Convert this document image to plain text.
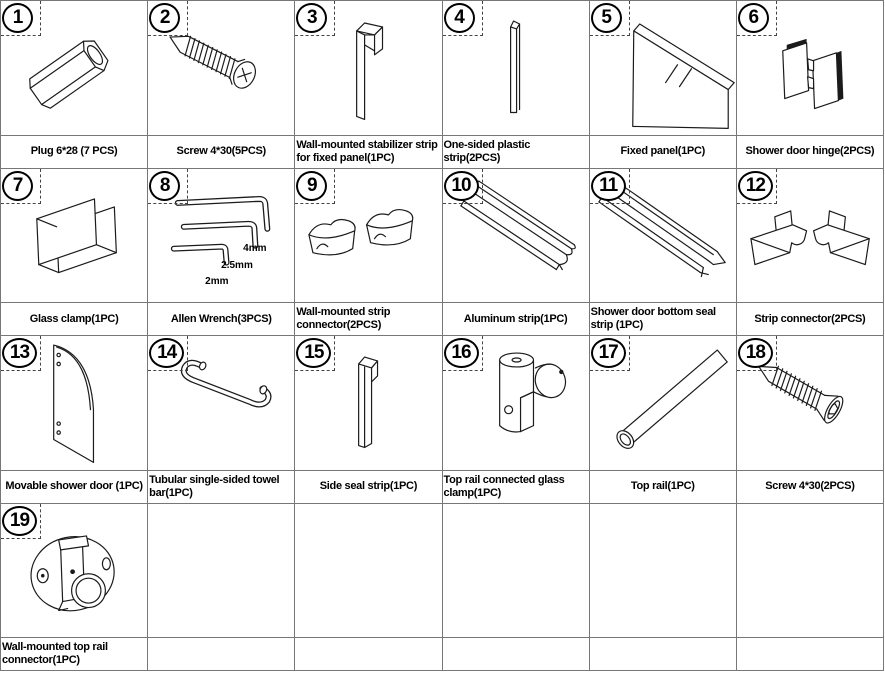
1
Plug 6*28 (7 PCS)
2
Screw 4*30(5PCS)
3
Wall-mounted stabilizer strip for fixed panel(1PC)
4
One-sided plastic strip(2PCS)
5
Fixed panel(1PC)
6
Shower door hinge(2PCS)
7
Glass clamp(1PC)
8
4mm
2.5mm
2mm
Allen Wrench(3PCS)
9
Wall-mounted strip connector(2PCS)
10
Aluminum strip(1PC)
11
Shower door bottom seal strip (1PC)
12
Strip connector(2PCS)
13
Movable shower door (1PC)
14
Tubular single-sided towel bar(1PC)
15
Side seal strip(1PC)
16
Top rail connected glass clamp(1PC)
17
Top rail(1PC)
18
Screw 4*30(2PCS)
19
Wall-mounted top rail connector(1PC)
